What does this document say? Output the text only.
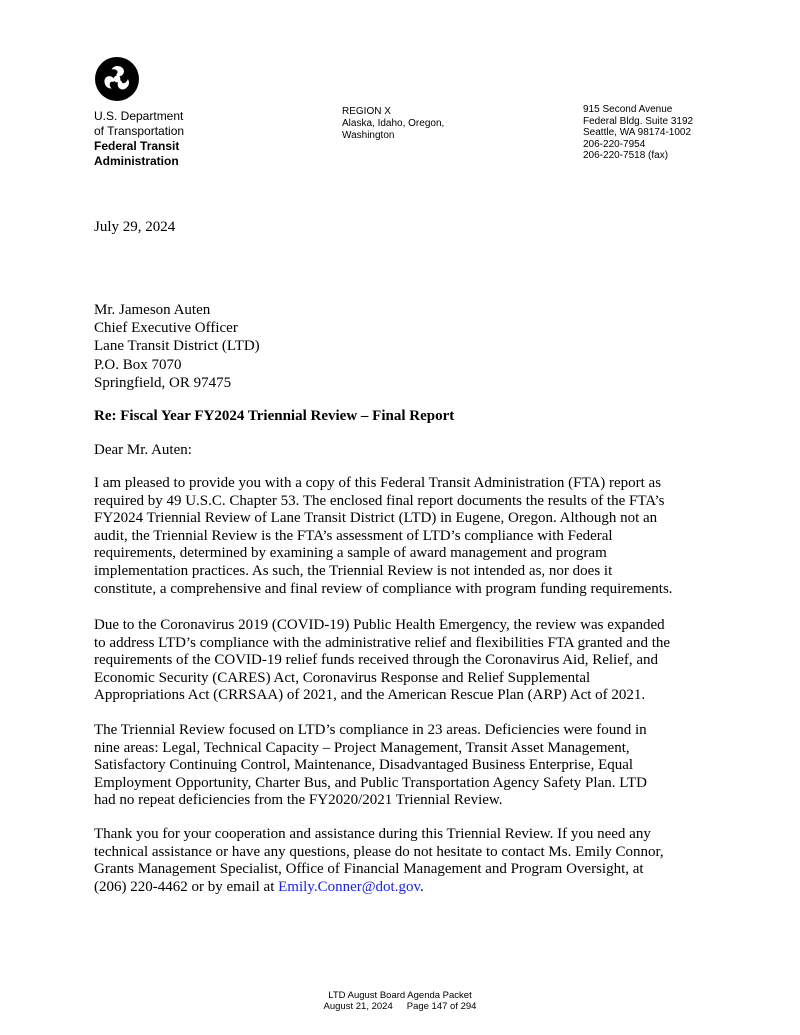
U.S. Department
of Transportation
Federal Transit
Administration
REGION X
Alaska, Idaho, Oregon,
Washington
915 Second Avenue
Federal Bldg. Suite 3192
Seattle, WA 98174-1002
206-220-7954
206-220-7518 (fax)
July 29, 2024
Mr. Jameson Auten
Chief Executive Officer
Lane Transit District (LTD)
P.O. Box 7070
Springfield, OR 97475
Re: Fiscal Year FY2024 Triennial Review – Final Report
Dear Mr. Auten:
I am pleased to provide you with a copy of this Federal Transit Administration (FTA) report as
required by 49 U.S.C. Chapter 53. The enclosed final report documents the results of the FTA’s
FY2024 Triennial Review of Lane Transit District (LTD) in Eugene, Oregon. Although not an
audit, the Triennial Review is the FTA’s assessment of LTD’s compliance with Federal
requirements, determined by examining a sample of award management and program
implementation practices. As such, the Triennial Review is not intended as, nor does it
constitute, a comprehensive and final review of compliance with program funding requirements.
Due to the Coronavirus 2019 (COVID-19) Public Health Emergency, the review was expanded
to address LTD’s compliance with the administrative relief and flexibilities FTA granted and the
requirements of the COVID-19 relief funds received through the Coronavirus Aid, Relief, and
Economic Security (CARES) Act, Coronavirus Response and Relief Supplemental
Appropriations Act (CRRSAA) of 2021, and the American Rescue Plan (ARP) Act of 2021.
The Triennial Review focused on LTD’s compliance in 23 areas. Deficiencies were found in
nine areas: Legal, Technical Capacity – Project Management, Transit Asset Management,
Satisfactory Continuing Control, Maintenance, Disadvantaged Business Enterprise, Equal
Employment Opportunity, Charter Bus, and Public Transportation Agency Safety Plan. LTD
had no repeat deficiencies from the FY2020/2021 Triennial Review.
Thank you for your cooperation and assistance during this Triennial Review. If you need any
technical assistance or have any questions, please do not hesitate to contact Ms. Emily Connor,
Grants Management Specialist, Office of Financial Management and Program Oversight, at
(206) 220-4462 or by email at Emily.Conner@dot.gov.
LTD August Board Agenda Packet
August 21, 2024 Page 147 of 294
